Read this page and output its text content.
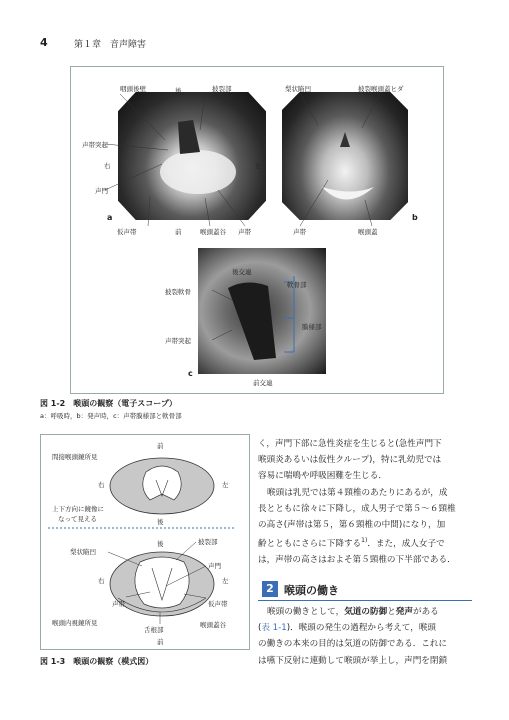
4	第１章　音声障害
咽頭後壁	後	披裂部
声帯突起
右
声門
左
a
仮声帯	前	喉頭蓋谷 声帯
梨状陥凹	披裂喉頭蓋ヒダ
声帯	喉頭蓋
b
後交連
軟骨部
披裂軟骨
膜様部
声帯突起
c
前交連
図 1-2　喉頭の観察（電子スコープ）
a：呼吸時，b：発声時，c：声帯膜様部と軟骨部
前
間接喉頭鏡所見
右	左
上下方向に鏡像に
なって見える	後
後	披裂部
梨状陥凹
声門
右	左
声帯	仮声帯
喉頭内視鏡所見
舌根部
喉頭蓋谷
前
図 1-3　喉頭の観察（模式図）
く，声門下部に急性炎症を生じると(急性声門下
喉頭炎あるいは仮性クループ)，特に乳幼児では
容易に喘鳴や呼吸困難を生じる．
喉頭は乳児では第４頸椎のあたりにあるが，成
長とともに徐々に下降し，成人男子で第５〜６頸椎
の高さ(声帯は第５，第６頸椎の中間)になり，加
齢とともにさらに下降する$^{1)}$．また，成人女子で
は，声帯の高さはおよそ第５頸椎の下半部である．
2 喉頭の働き
喉頭の働きとして，気道の防御と発声がある
(表 1-1)．喉頭の発生の過程から考えて，喉頭
の働きの本来の目的は気道の防御である．これに
は嚥下反射に連動して喉頭が挙上し，声門を閉鎖
